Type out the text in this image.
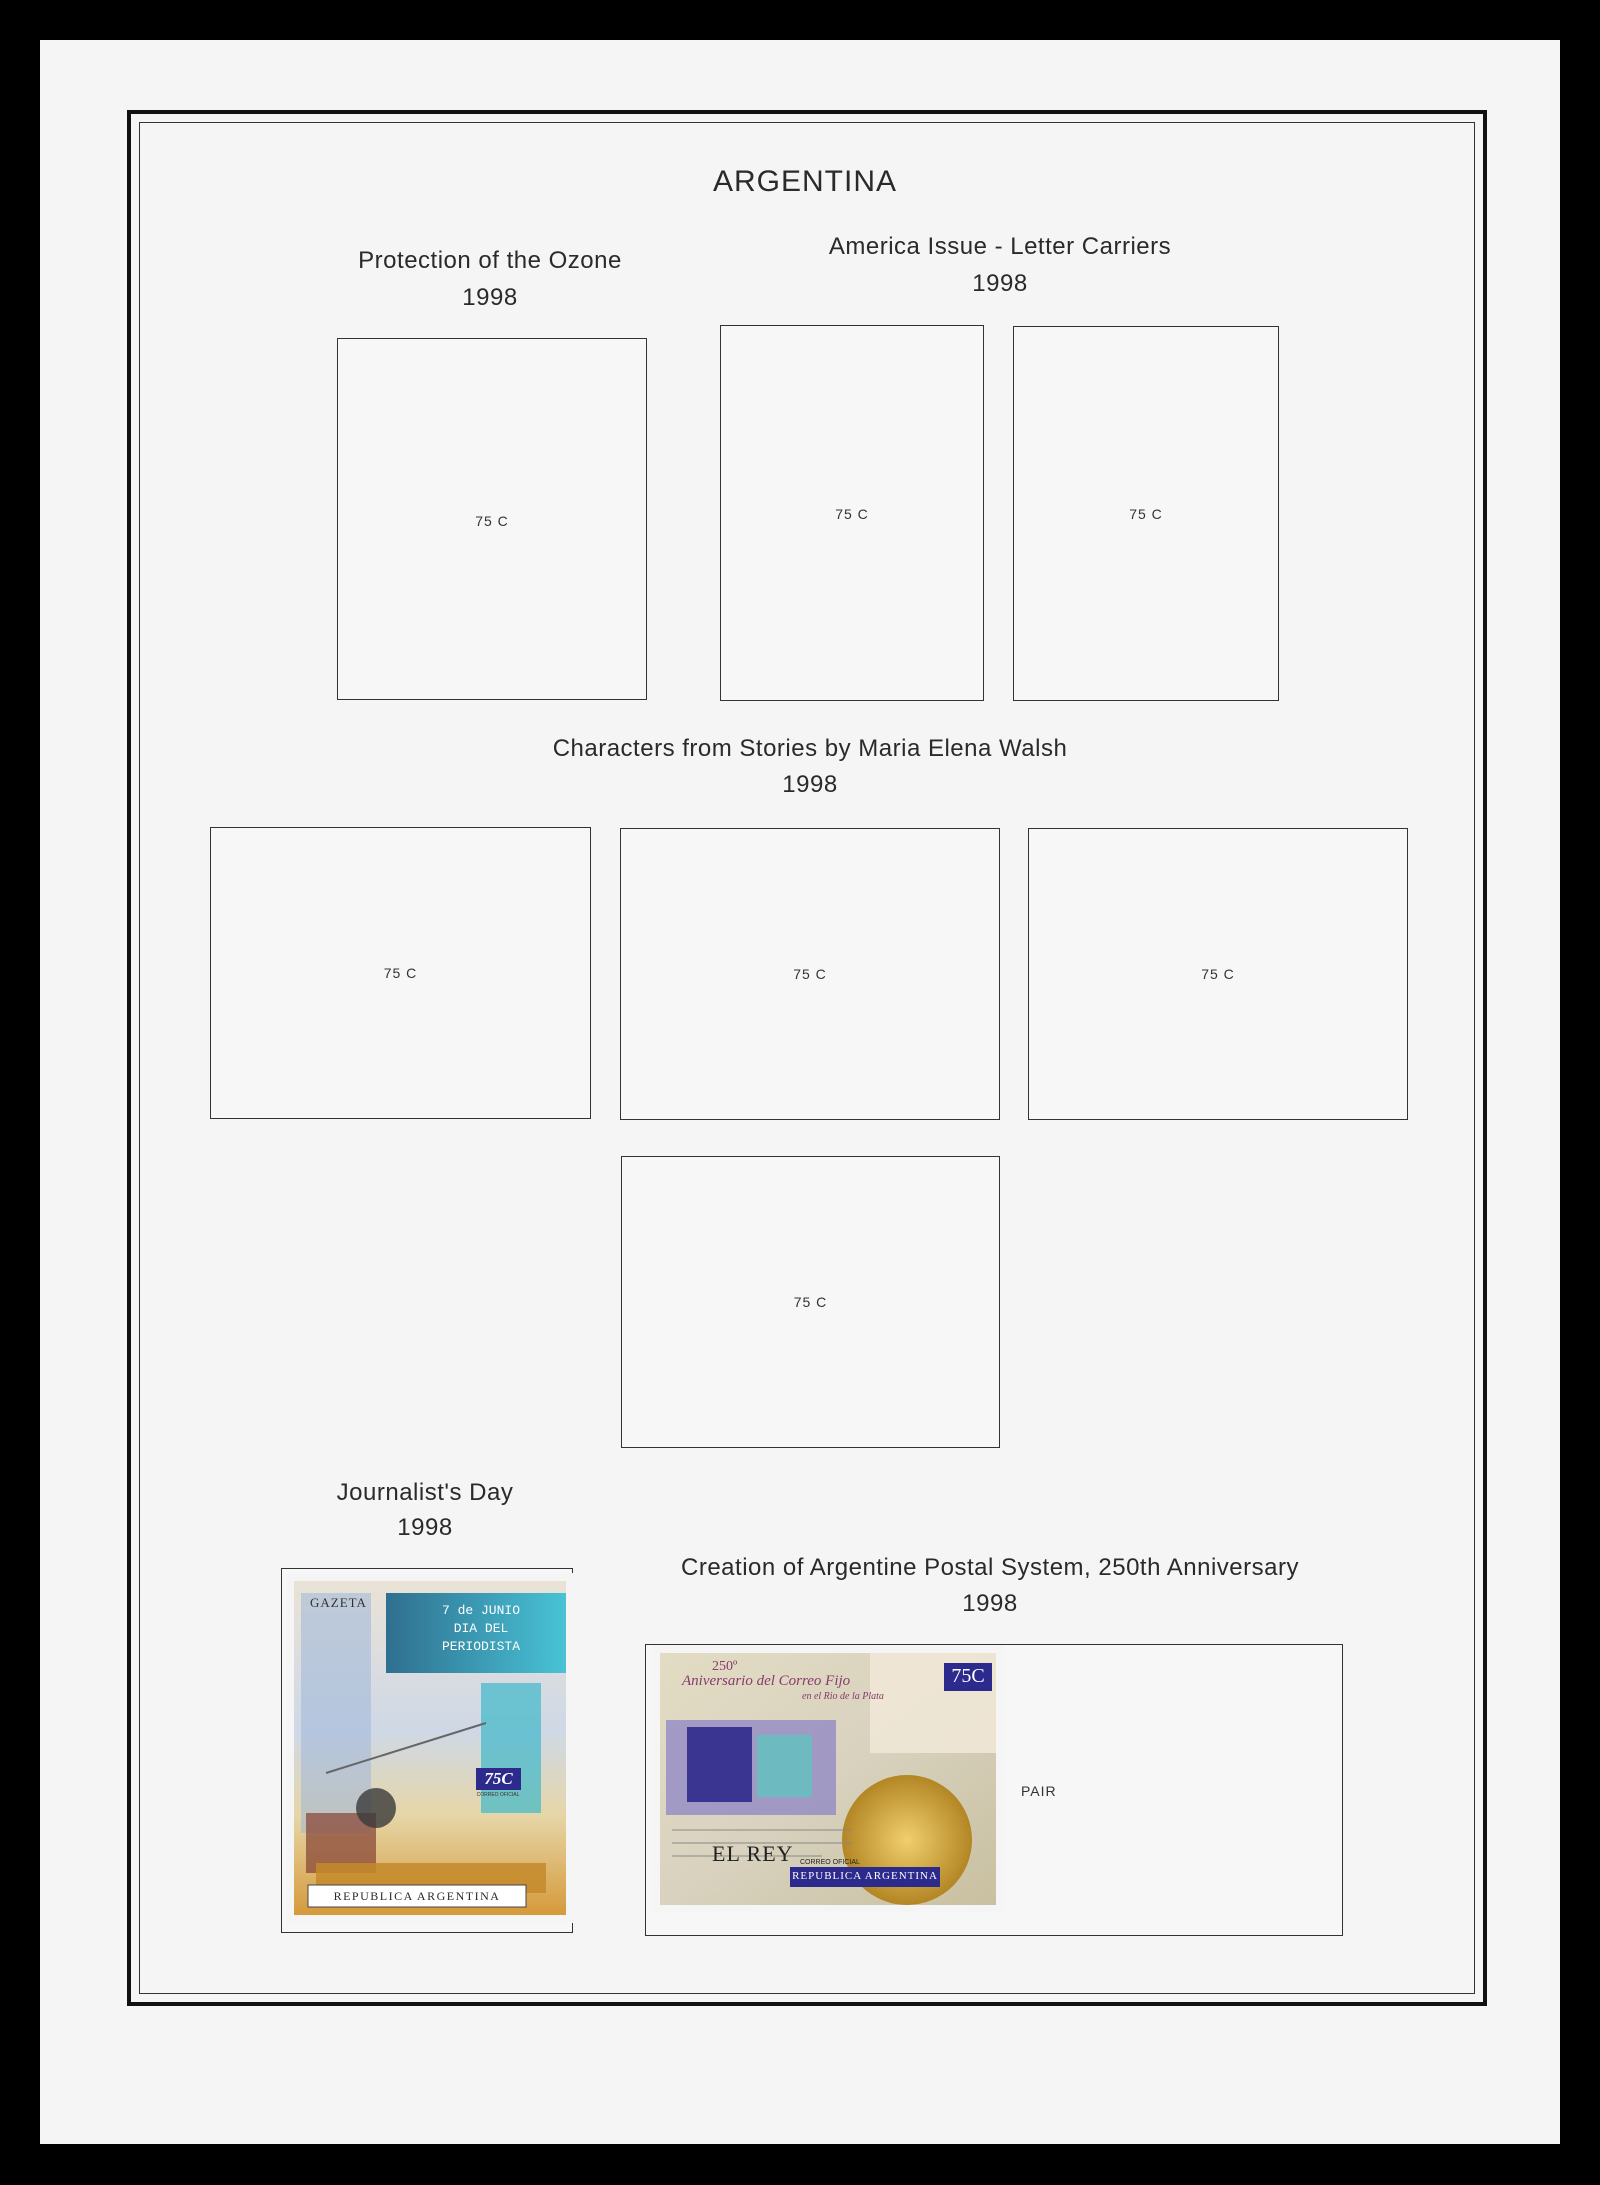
ARGENTINA
Protection of the Ozone
1998
75 C
America Issue - Letter Carriers
1998
75 C	75 C
Characters from Stories by Maria Elena Walsh
1998
75 C	75 C	75 C
75 C
Journalist's Day
1998
GAZETA
7 de JUNIO
DIA DEL
PERIODISTA
75C
CORREO OFICIAL
REPUBLICA ARGENTINA
Creation of Argentine Postal System, 250th Anniversary
1998
PAIR
250º
Aniversario del Correo Fijo
en el Rio de la Plata
75C
EL REY CORREO OFICIAL
REPUBLICA ARGENTINA
